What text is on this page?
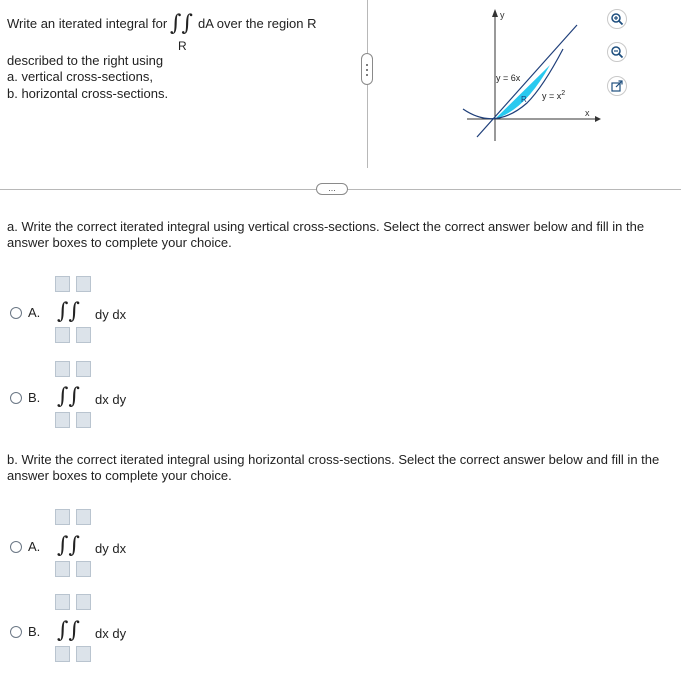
Write an iterated integral for ∫∫ dA over the region R
R
described to the right using
a. vertical cross-sections,
b. horizontal cross-sections.
y
x
y = 6x
R $y = x^2$
...
a. Write the correct iterated integral using vertical cross-sections. Select the correct answer below and fill in the
answer boxes to complete your choice.
A. ∫∫ dy dx
B. ∫∫ dx dy
b. Write the correct iterated integral using horizontal cross-sections. Select the correct answer below and fill in the
answer boxes to complete your choice.
A. ∫∫ dy dx
B. ∫∫ dx dy
